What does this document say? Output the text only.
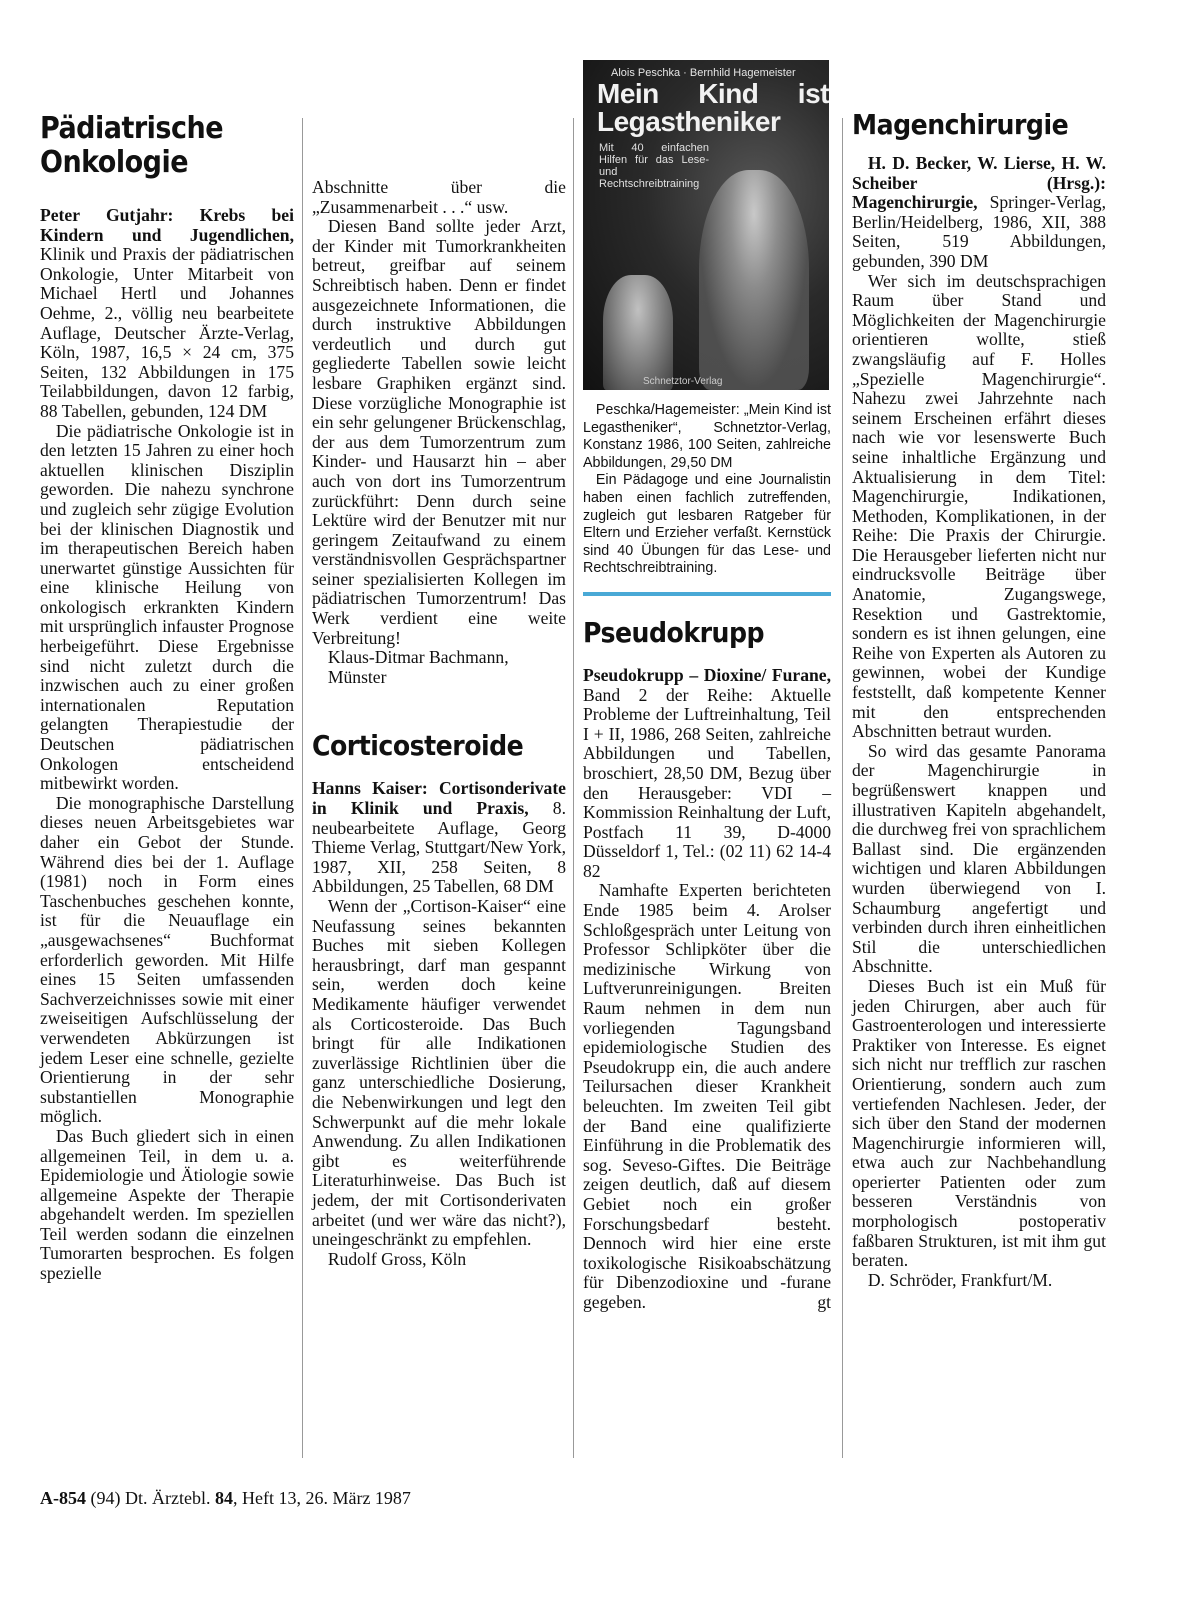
Pädiatrische Onkologie

Peter Gutjahr: Krebs bei Kindern und Jugendlichen, Klinik und Praxis der pädiatrischen Onkologie, Unter Mitarbeit von Michael Hertl und Johannes Oehme, 2., völlig neu bearbeitete Auflage, Deutscher Ärzte-Verlag, Köln, 1987, 16,5 × 24 cm, 375 Seiten, 132 Abbildungen in 175 Teilabbildungen, davon 12 farbig, 88 Tabellen, gebunden, 124 DM

Die pädiatrische Onkologie ist in den letzten 15 Jahren zu einer hoch aktuellen klinischen Disziplin geworden. Die nahezu synchrone und zugleich sehr zügige Evolution bei der klinischen Diagnostik und im therapeutischen Bereich haben unerwartet günstige Aussichten für eine klinische Heilung von onkologisch erkrankten Kindern mit ursprünglich infauster Prognose herbeigeführt. Diese Ergebnisse sind nicht zuletzt durch die inzwischen auch zu einer großen internationalen Reputation gelangten Therapiestudie der Deutschen pädiatrischen Onkologen entscheidend mitbewirkt worden.

Die monographische Darstellung dieses neuen Arbeitsgebietes war daher ein Gebot der Stunde. Während dies bei der 1. Auflage (1981) noch in Form eines Taschenbuches geschehen konnte, ist für die Neuauflage ein „ausgewachsenes“ Buchformat erforderlich geworden. Mit Hilfe eines 15 Seiten umfassenden Sachverzeichnisses sowie mit einer zweiseitigen Aufschlüsselung der verwendeten Abkürzungen ist jedem Leser eine schnelle, gezielte Orientierung in der sehr substantiellen Monographie möglich.

Das Buch gliedert sich in einen allgemeinen Teil, in dem u. a. Epidemiologie und Ätiologie sowie allgemeine Aspekte der Therapie abgehandelt werden. Im speziellen Teil werden sodann die einzelnen Tumorarten besprochen. Es folgen spezielle

Abschnitte über die „Zusammenarbeit . . .“ usw.

Diesen Band sollte jeder Arzt, der Kinder mit Tumorkrankheiten betreut, greifbar auf seinem Schreibtisch haben. Denn er findet ausgezeichnete Informationen, die durch instruktive Abbildungen verdeutlich und durch gut gegliederte Tabellen sowie leicht lesbare Graphiken ergänzt sind. Diese vorzügliche Monographie ist ein sehr gelungener Brückenschlag, der aus dem Tumorzentrum zum Kinder- und Hausarzt hin – aber auch von dort ins Tumorzentrum zurückführt: Denn durch seine Lektüre wird der Benutzer mit nur geringem Zeitaufwand zu einem verständnisvollen Gesprächspartner seiner spezialisierten Kollegen im pädiatrischen Tumorzentrum! Das Werk verdient eine weite Verbreitung!

Klaus-Ditmar Bachmann,

Münster

Corticosteroide

Hanns Kaiser: Cortisonderivate in Klinik und Praxis, 8. neubearbeitete Auflage, Georg Thieme Verlag, Stuttgart/New York, 1987, XII, 258 Seiten, 8 Abbildungen, 25 Tabellen, 68 DM

Wenn der „Cortison-Kaiser“ eine Neufassung seines bekannten Buches mit sieben Kollegen herausbringt, darf man gespannt sein, werden doch keine Medikamente häufiger verwendet als Corticosteroide. Das Buch bringt für alle Indikationen zuverlässige Richtlinien über die ganz unterschiedliche Dosierung, die Nebenwirkungen und legt den Schwerpunkt auf die mehr lokale Anwendung. Zu allen Indikationen gibt es weiterführende Literaturhinweise. Das Buch ist jedem, der mit Cortisonderivaten arbeitet (und wer wäre das nicht?), uneingeschränkt zu empfehlen.

Rudolf Gross, Köln

Alois Peschka · Bernhild Hagemeister
Mein Kind ist Legastheniker
Mit 40 einfachen Hilfen für das Lese- und Rechtschreibtraining
Schnetztor-Verlag

Peschka/Hagemeister: „Mein Kind ist Legastheniker“, Schnetztor-Verlag, Konstanz 1986, 100 Seiten, zahlreiche Abbildungen, 29,50 DM

Ein Pädagoge und eine Journalistin haben einen fachlich zutreffenden, zugleich gut lesbaren Ratgeber für Eltern und Erzieher verfaßt. Kernstück sind 40 Übungen für das Lese- und Rechtschreibtraining.

Pseudokrupp

Pseudokrupp – Dioxine/ Furane, Band 2 der Reihe: Aktuelle Probleme der Luftreinhaltung, Teil I + II, 1986, 268 Seiten, zahlreiche Abbildungen und Tabellen, broschiert, 28,50 DM, Bezug über den Herausgeber: VDI – Kommission Reinhaltung der Luft, Postfach 11 39, D-4000 Düsseldorf 1, Tel.: (02 11) 62 14-4 82

Namhafte Experten berichteten Ende 1985 beim 4. Arolser Schloßgespräch unter Leitung von Professor Schlipköter über die medizinische Wirkung von Luftverunreinigungen. Breiten Raum nehmen in dem nun vorliegenden Tagungsband epidemiologische Studien des Pseudokrupp ein, die auch andere Teilursachen dieser Krankheit beleuchten. Im zweiten Teil gibt der Band eine qualifizierte Einführung in die Problematik des sog. Seveso-Giftes. Die Beiträge zeigen deutlich, daß auf diesem Gebiet noch ein großer Forschungsbedarf besteht. Dennoch wird hier eine erste toxikologische Risikoabschätzung für Dibenzodioxine und -furane gegeben.	gt

Magenchirurgie

H. D. Becker, W. Lierse, H. W. Scheiber (Hrsg.): Magenchirurgie, Springer-Verlag, Berlin/Heidelberg, 1986, XII, 388 Seiten, 519 Abbildungen, gebunden, 390 DM

Wer sich im deutschsprachigen Raum über Stand und Möglichkeiten der Magenchirurgie orientieren wollte, stieß zwangsläufig auf F. Holles „Spezielle Magenchirurgie“. Nahezu zwei Jahrzehnte nach seinem Erscheinen erfährt dieses nach wie vor lesenswerte Buch seine inhaltliche Ergänzung und Aktualisierung in dem Titel: Magenchirurgie, Indikationen, Methoden, Komplikationen, in der Reihe: Die Praxis der Chirurgie. Die Herausgeber lieferten nicht nur eindrucksvolle Beiträge über Anatomie, Zugangswege, Resektion und Gastrektomie, sondern es ist ihnen gelungen, eine Reihe von Experten als Autoren zu gewinnen, wobei der Kundige feststellt, daß kompetente Kenner mit den entsprechenden Abschnitten betraut wurden.

So wird das gesamte Panorama der Magenchirurgie in begrüßenswert knappen und illustrativen Kapiteln abgehandelt, die durchweg frei von sprachlichem Ballast sind. Die ergänzenden wichtigen und klaren Abbildungen wurden überwiegend von I. Schaumburg angefertigt und verbinden durch ihren einheitlichen Stil die unterschiedlichen Abschnitte.

Dieses Buch ist ein Muß für jeden Chirurgen, aber auch für Gastroenterologen und interessierte Praktiker von Interesse. Es eignet sich nicht nur trefflich zur raschen Orientierung, sondern auch zum vertiefenden Nachlesen. Jeder, der sich über den Stand der modernen Magenchirurgie informieren will, etwa auch zur Nachbehandlung operierter Patienten oder zum besseren Verständnis von morphologisch postoperativ faßbaren Strukturen, ist mit ihm gut beraten.

D. Schröder, Frankfurt/M.

A-854 (94) Dt. Ärztebl. 84, Heft 13, 26. März 1987
